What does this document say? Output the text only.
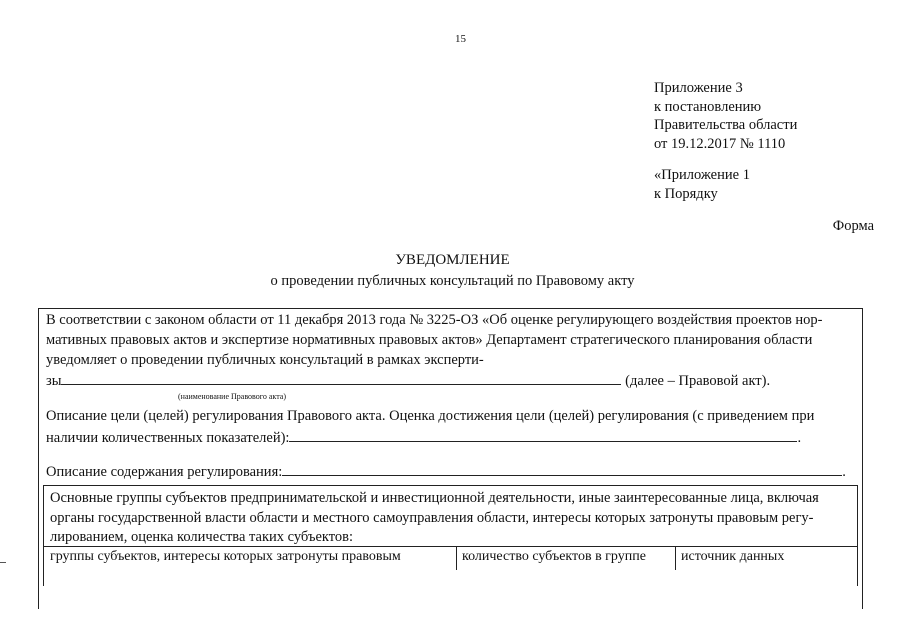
15
Приложение 3
к постановлению
Правительства области
от 19.12.2017 № 1110
«Приложение 1
к Порядку
Форма
УВЕДОМЛЕНИЕ
о проведении публичных консультаций по Правовому акту
В соответствии с законом области от 11 декабря 2013 года № 3225-ОЗ «Об оценке регулирующего воздействия проектов нор-
мативных правовых актов и экспертизе нормативных правовых актов» Департамент стратегического планирования области
уведомляет о проведении публичных консультаций в рамках эксперти-
зы	(далее – Правовой акт).
(наименование Правового акта)
Описание цели (целей) регулирования Правового акта. Оценка достижения цели (целей) регулирования (с приведением при
наличии количественных показателей):	.
Описание содержания регулирования:	.
Основные группы субъектов предпринимательской и инвестиционной деятельности, иные заинтересованные лица, включая
органы государственной власти области и местного самоуправления области, интересы которых затронуты правовым регу-
лированием, оценка количества таких субъектов:
группы субъектов, интересы которых затронуты правовым	количество субъектов в группе	источник данных
